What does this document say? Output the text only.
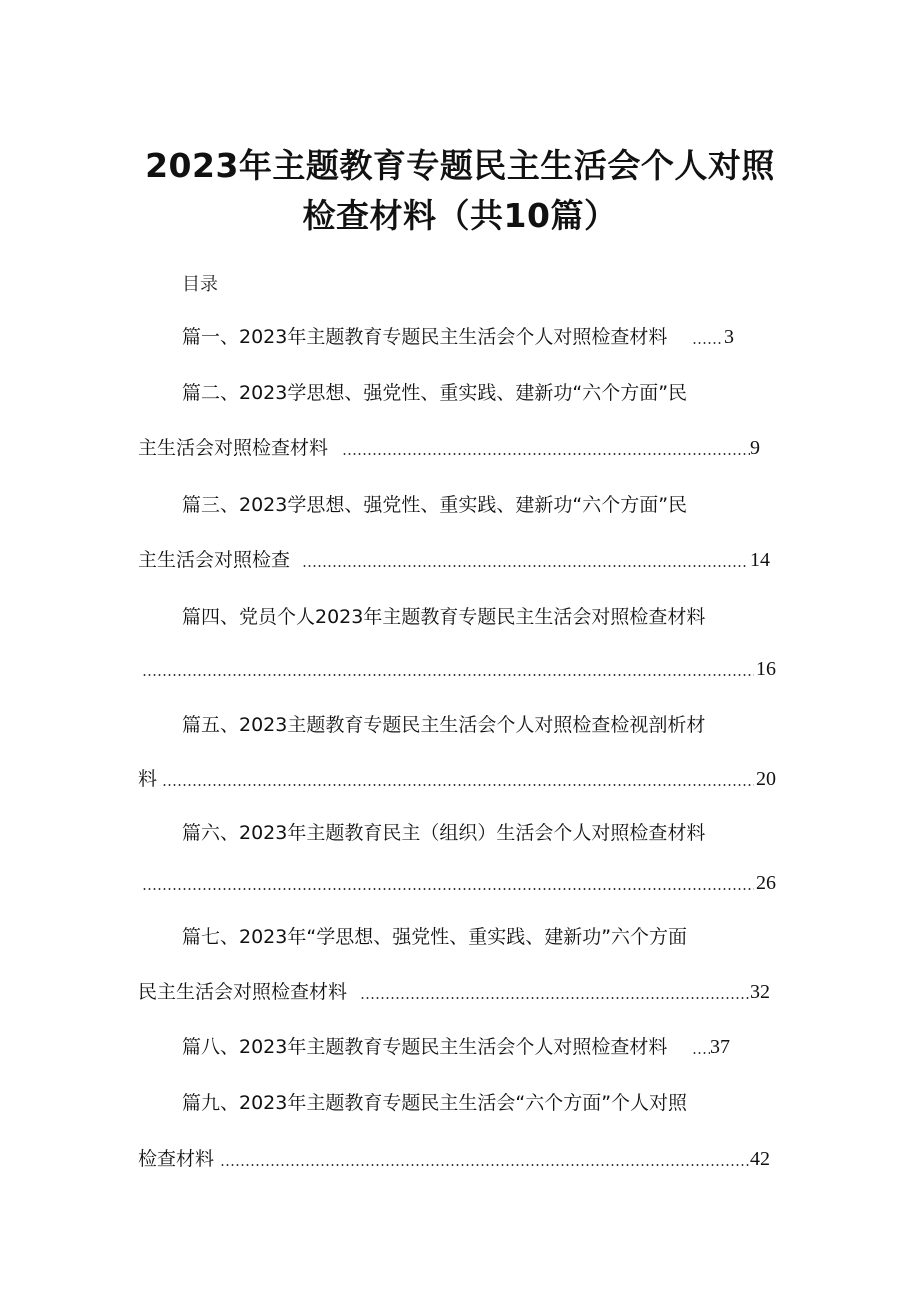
2023年主题教育专题民主生活会个人对照
检查材料（共10篇）
目录
篇一、2023年主题教育专题民主生活会个人对照检查材料	3
篇二、2023学思想、强党性、重实践、建新功“六个方面”民
主生活会对照检查材料	9
篇三、2023学思想、强党性、重实践、建新功“六个方面”民
主生活会对照检查	14
篇四、党员个人2023年主题教育专题民主生活会对照检查材料
16
篇五、2023主题教育专题民主生活会个人对照检查检视剖析材
料	20
篇六、2023年主题教育民主（组织）生活会个人对照检查材料
26
篇七、2023年“学思想、强党性、重实践、建新功”六个方面
民主生活会对照检查材料	32
篇八、2023年主题教育专题民主生活会个人对照检查材料 37
篇九、2023年主题教育专题民主生活会“六个方面”个人对照
检查材料	42
